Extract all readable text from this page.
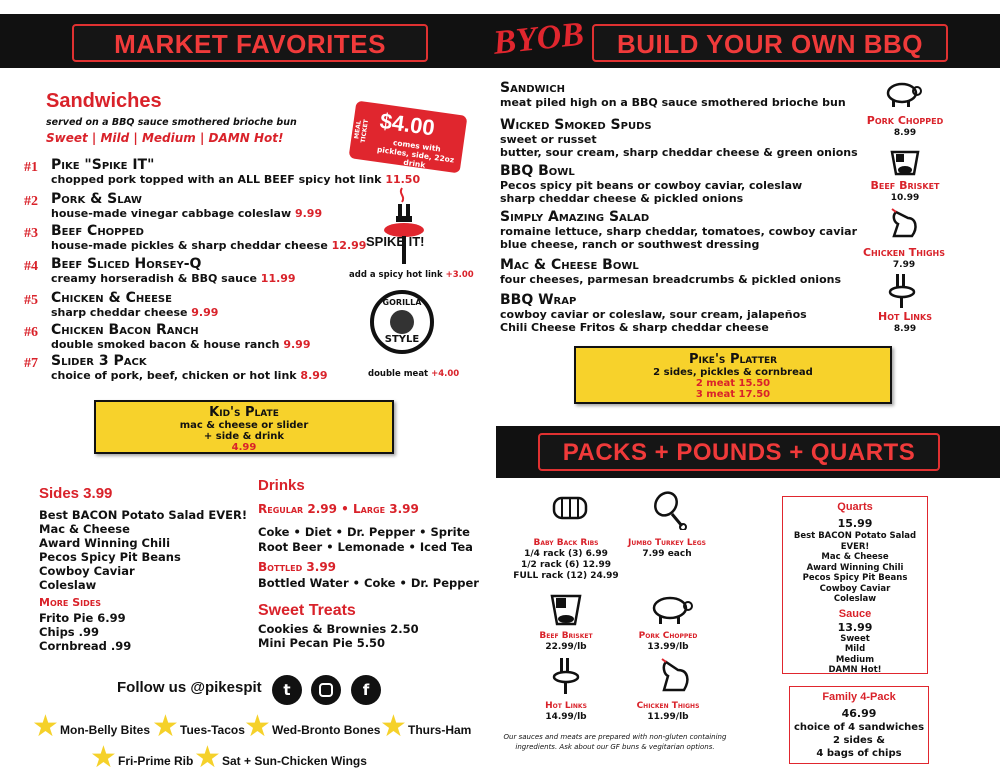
MARKET FAVORITES	BYOB	BUILD YOUR OWN BBQ
Sandwiches
served on a BBQ sauce smothered brioche bun
Sweet | Mild | Medium | DAMN Hot!
#1 Pike "Spike IT"
chopped pork topped with an ALL BEEF spicy hot link 11.50
#2 Pork & Slaw
house-made vinegar cabbage coleslaw 9.99
#3 Beef Chopped
house-made pickles & sharp cheddar cheese 12.99
#4 Beef Sliced Horsey-Q
creamy horseradish & BBQ sauce 11.99
#5 Chicken & Cheese
sharp cheddar cheese 9.99
#6 Chicken Bacon Ranch
double smoked bacon & house ranch 9.99
#7 Slider 3 Pack
choice of pork, beef, chicken or hot link 8.99
MEAL TICKET $4.00
comes with pickles, side, 22oz drink
SPIKE IT!
add a spicy hot link +3.00
GORILLA
STYLE
double meat +4.00
Kid's Plate
mac & cheese or slider
+ side & drink
4.99
Sides 3.99
Best BACON Potato Salad EVER!
Mac & Cheese
Award Winning Chili
Pecos Spicy Pit Beans
Cowboy Caviar
Coleslaw
More Sides
Frito Pie 6.99
Chips .99
Cornbread .99
Drinks
Regular 2.99 • Large 3.99
Coke • Diet • Dr. Pepper • Sprite
Root Beer • Lemonade • Iced Tea
Bottled 3.99
Bottled Water • Coke • Dr. Pepper
Sweet Treats
Cookies & Brownies 2.50
Mini Pecan Pie 5.50
Follow us @pikespit	t	f
★ Mon-Belly Bites ★ Tues-Tacos ★ Wed-Bronto Bones ★ Thurs-Ham
★ Fri-Prime Rib ★ Sat + Sun-Chicken Wings
Sandwich
meat piled high on a BBQ sauce smothered brioche bun
Wicked Smoked Spuds
sweet or russet
butter, sour cream, sharp cheddar cheese & green onions
BBQ Bowl
Pecos spicy pit beans or cowboy caviar, coleslaw
sharp cheddar cheese & pickled onions
Simply Amazing Salad
romaine lettuce, sharp cheddar, tomatoes, cowboy caviar
blue cheese, ranch or southwest dressing
Mac & Cheese Bowl
four cheeses, parmesan breadcrumbs & pickled onions
BBQ Wrap
cowboy caviar or coleslaw, sour cream, jalapeños
Chili Cheese Fritos & sharp cheddar cheese
Pork Chopped
8.99
Beef Brisket
10.99
Chicken Thighs
7.99
Hot Links
8.99
Pike's Platter
2 sides, pickles & cornbread
2 meat 15.50
3 meat 17.50
PACKS + POUNDS + QUARTS
Baby Back Ribs
1/4 rack (3) 6.99
1/2 rack (6) 12.99
FULL rack (12) 24.99
Jumbo Turkey Legs
7.99 each
Beef Brisket
22.99/lb
Pork Chopped
13.99/lb
Hot Links
14.99/lb
Chicken Thighs
11.99/lb
Our sauces and meats are prepared with non-gluten containing ingredients. Ask about our GF buns & vegitarian options.
Quarts
15.99
Best BACON Potato Salad EVER!
Mac & Cheese
Award Winning Chili
Pecos Spicy Pit Beans
Cowboy Caviar
Coleslaw
Sauce
13.99
Sweet
Mild
Medium
DAMN Hot!
Family 4-Pack
46.99
choice of 4 sandwiches
2 sides &
4 bags of chips
